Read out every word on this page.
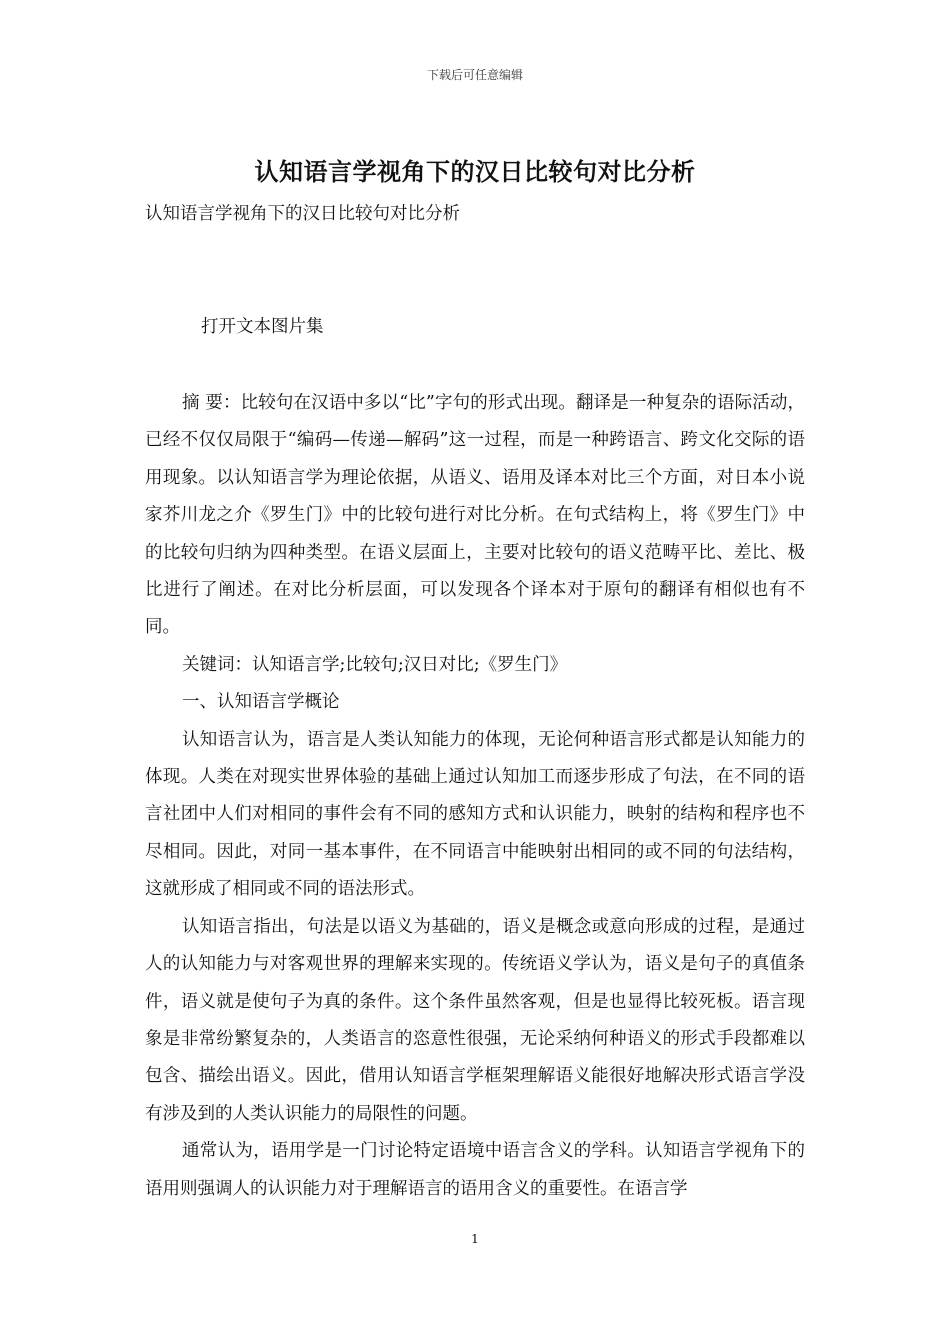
下载后可任意编辑
认知语言学视角下的汉日比较句对比分析

认知语言学视角下的汉日比较句对比分析

打开文本图片集

摘 要：比较句在汉语中多以“比”字句的形式出现。翻译是一种复杂的语际活动，已经不仅仅局限于“编码—传递—解码”这一过程，而是一种跨语言、跨文化交际的语用现象。以认知语言学为理论依据，从语义、语用及译本对比三个方面，对日本小说家芥川龙之介《罗生门》中的比较句进行对比分析。在句式结构上，将《罗生门》中的比较句归纳为四种类型。在语义层面上，主要对比较句的语义范畴平比、差比、极比进行了阐述。在对比分析层面，可以发现各个译本对于原句的翻译有相似也有不同。

关键词：认知语言学;比较句;汉日对比;《罗生门》

一、认知语言学概论

认知语言认为，语言是人类认知能力的体现，无论何种语言形式都是认知能力的体现。人类在对现实世界体验的基础上通过认知加工而逐步形成了句法，在不同的语言社团中人们对相同的事件会有不同的感知方式和认识能力，映射的结构和程序也不尽相同。因此，对同一基本事件，在不同语言中能映射出相同的或不同的句法结构，这就形成了相同或不同的语法形式。

认知语言指出，句法是以语义为基础的，语义是概念或意向形成的过程，是通过人的认知能力与对客观世界的理解来实现的。传统语义学认为，语义是句子的真值条件，语义就是使句子为真的条件。这个条件虽然客观，但是也显得比较死板。语言现象是非常纷繁复杂的，人类语言的恣意性很强，无论采纳何种语义的形式手段都难以包含、描绘出语义。因此，借用认知语言学框架理解语义能很好地解决形式语言学没有涉及到的人类认识能力的局限性的问题。

通常认为，语用学是一门讨论特定语境中语言含义的学科。认知语言学视角下的语用则强调人的认识能力对于理解语言的语用含义的重要性。在语言学

1
